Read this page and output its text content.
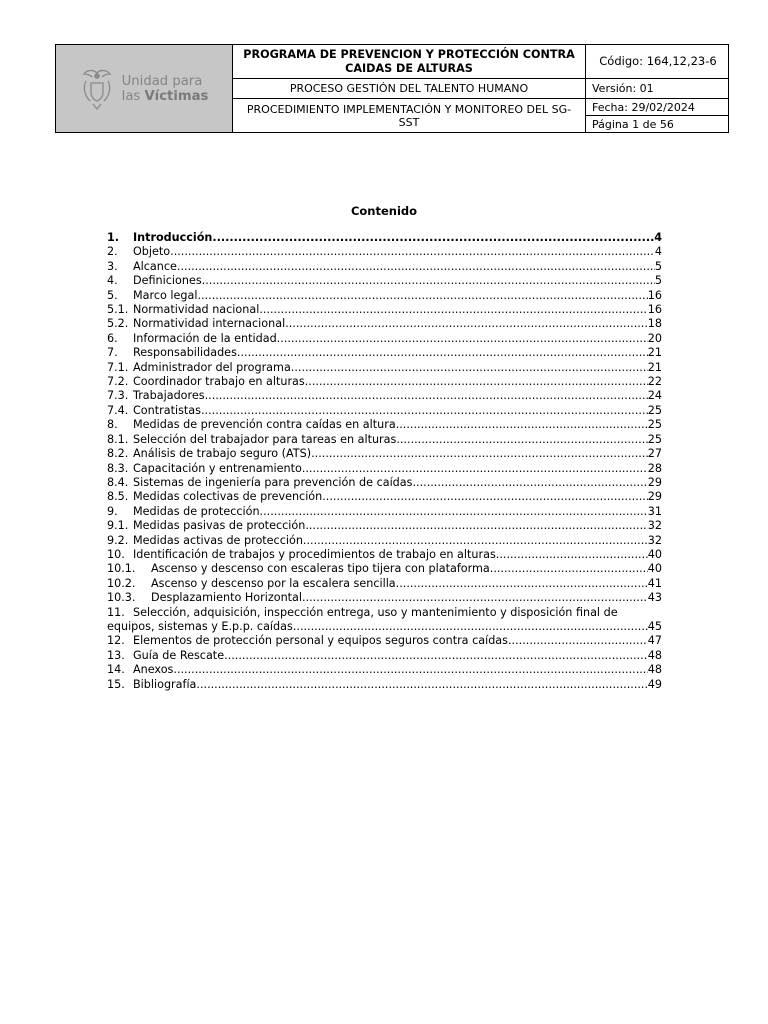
Unidad para
las Víctimas	PROGRAMA DE PREVENCION Y PROTECCIÓN CONTRA CAIDAS DE ALTURAS	Código: 164,12,23-6
	PROCESO GESTIÓN DEL TALENTO HUMANO	Versión: 01
	PROCEDIMIENTO IMPLEMENTACIÓN Y MONITOREO DEL SG-SST	Fecha: 29/02/2024
		Página 1 de 56
Contenido
1.	Introducción .....	4
2.	Objeto .....	4
3.	Alcance .....	5
4.	Definiciones .....	5
5.	Marco legal .....	16
5.1. Normatividad nacional .....	16
5.2. Normatividad internacional .....	18
6.	Información de la entidad .....	20
7.	Responsabilidades .....	21
7.1. Administrador del programa .....	21
7.2. Coordinador trabajo en alturas .....	22
7.3. Trabajadores .....	24
7.4. Contratistas .....	25
8.	Medidas de prevención contra caídas en altura .....	25
8.1. Selección del trabajador para tareas en alturas .....	25
8.2. Análisis de trabajo seguro (ATS) .....	27
8.3. Capacitación y entrenamiento .....	28
8.4. Sistemas de ingeniería para prevención de caídas .....	29
8.5. Medidas colectivas de prevención .....	29
9.	Medidas de protección .....	31
9.1. Medidas pasivas de protección .....	32
9.2. Medidas activas de protección .....	32
10. Identificación de trabajos y procedimientos de trabajo en alturas .....	40
10.1.	Ascenso y descenso con escaleras tipo tijera con plataforma .....	40
10.2.	Ascenso y descenso por la escalera sencilla .....	41
10.3.	Desplazamiento Horizontal .....	43
11. Selección, adquisición, inspección entrega, uso y mantenimiento y disposición final de
equipos, sistemas y E.p.p. caídas .....	45
12. Elementos de protección personal y equipos seguros contra caídas .....	47
13. Guía de Rescate .....	48
14. Anexos .....	48
15. Bibliografía .....	49
